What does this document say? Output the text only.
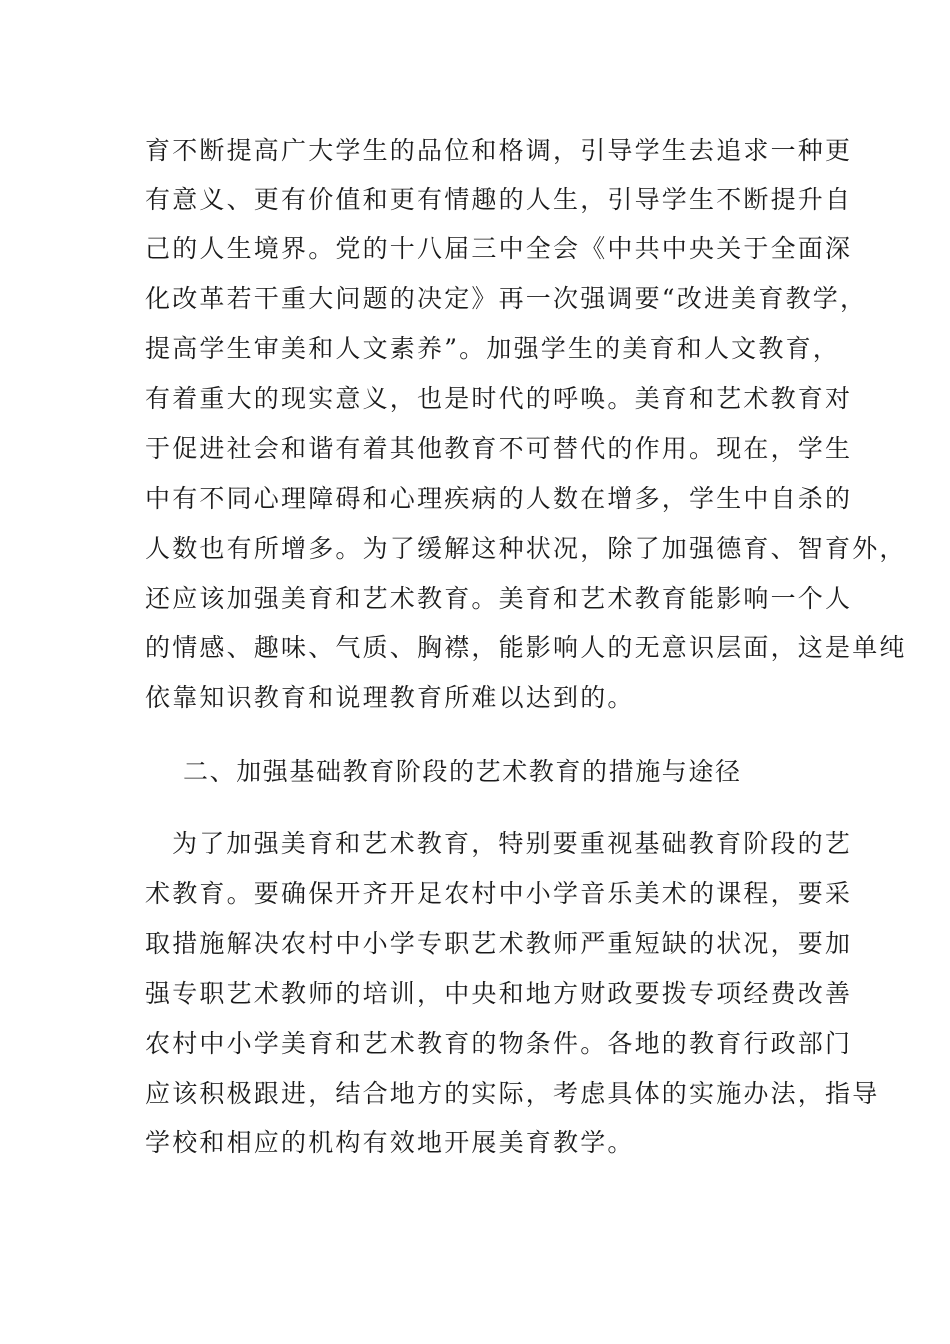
育不断提高广大学生的品位和格调，引导学生去追求一种更
有意义、更有价值和更有情趣的人生，引导学生不断提升自
己的人生境界。党的十八届三中全会《中共中央关于全面深
化改革若干重大问题的决定》再一次强调要“改进美育教学，
提高学生审美和人文素养”。加强学生的美育和人文教育，
有着重大的现实意义，也是时代的呼唤。美育和艺术教育对
于促进社会和谐有着其他教育不可替代的作用。现在，学生
中有不同心理障碍和心理疾病的人数在增多，学生中自杀的
人数也有所增多。为了缓解这种状况，除了加强德育、智育外，
还应该加强美育和艺术教育。美育和艺术教育能影响一个人
的情感、趣味、气质、胸襟，能影响人的无意识层面，这是单纯
依靠知识教育和说理教育所难以达到的。
二、加强基础教育阶段的艺术教育的措施与途径
为了加强美育和艺术教育，特别要重视基础教育阶段的艺
术教育。要确保开齐开足农村中小学音乐美术的课程，要采
取措施解决农村中小学专职艺术教师严重短缺的状况，要加
强专职艺术教师的培训，中央和地方财政要拨专项经费改善
农村中小学美育和艺术教育的物条件。各地的教育行政部门
应该积极跟进，结合地方的实际，考虑具体的实施办法，指导
学校和相应的机构有效地开展美育教学。
